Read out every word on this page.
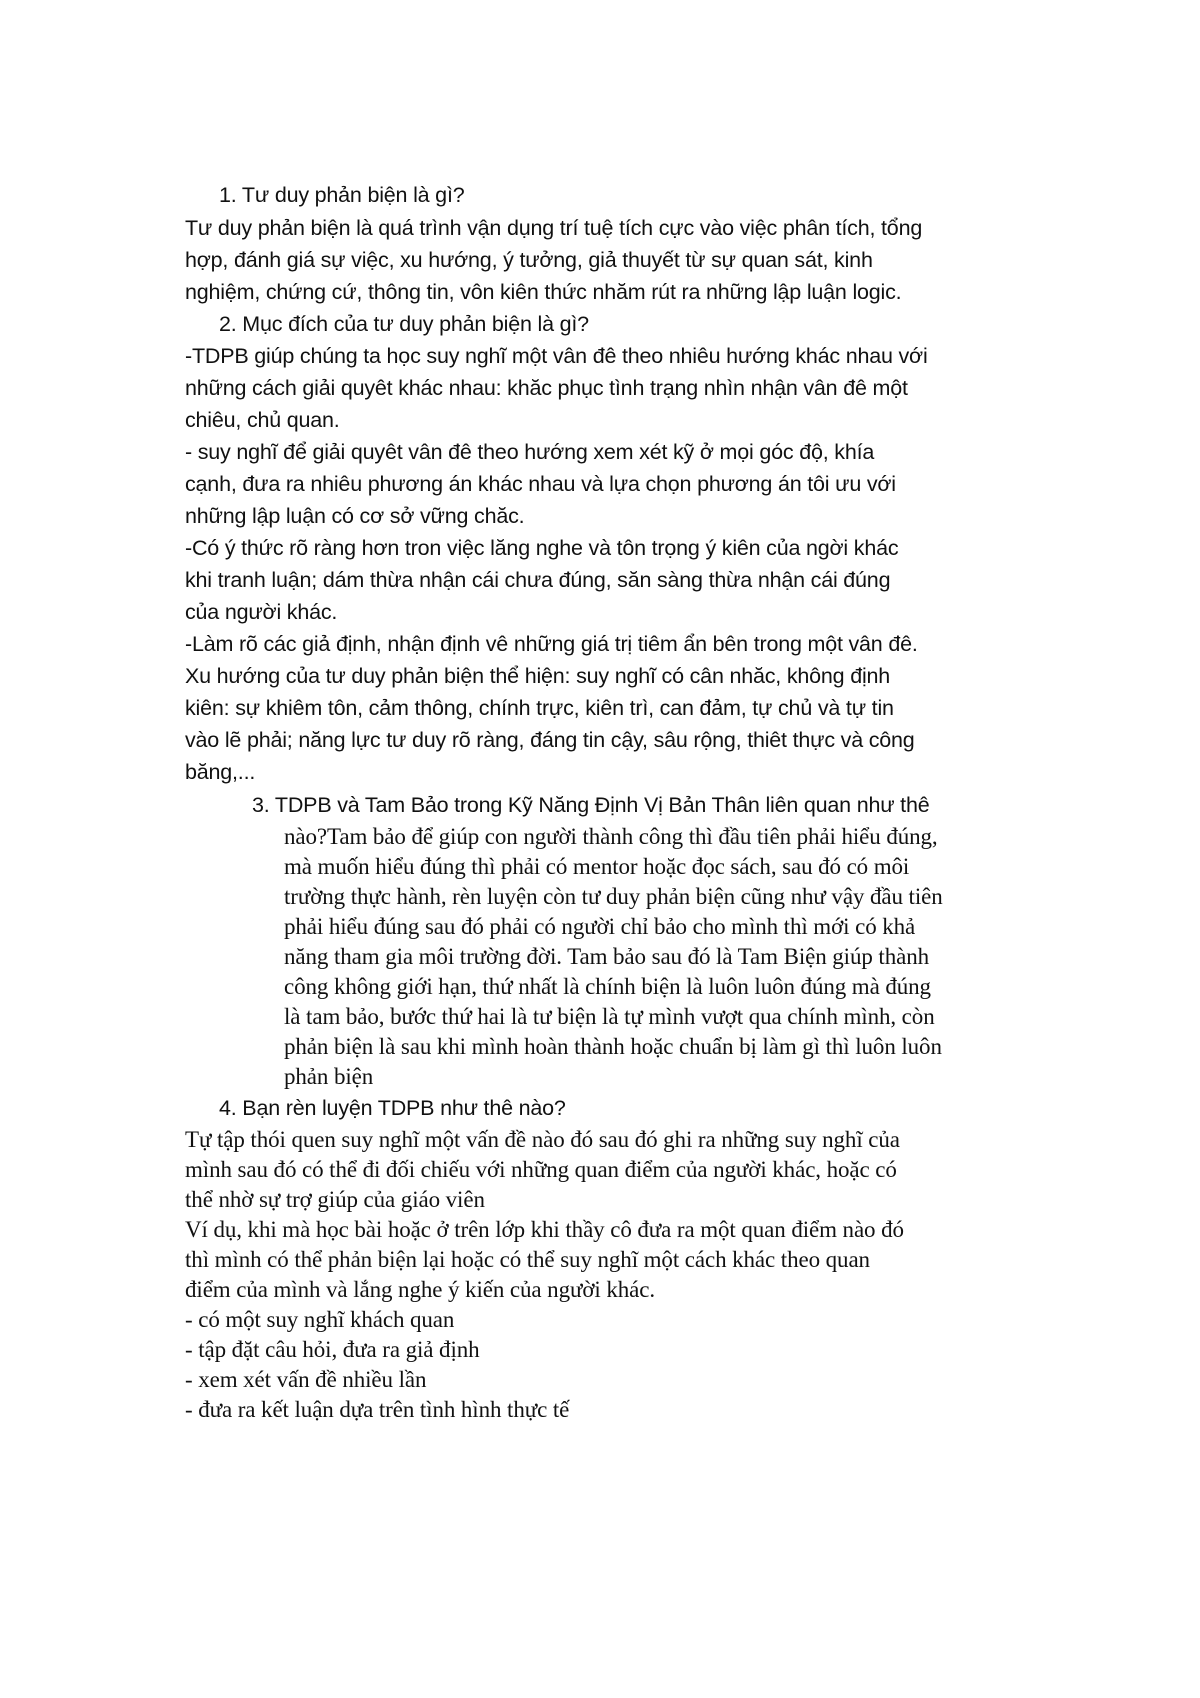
1. Tư duy phản biện là gì?

Tư duy phản biện là quá trình vận dụng trí tuệ tích cực vào việc phân tích, tổng

hợp, đánh giá sự việc, xu hướng, ý tưởng, giả thuyết từ sự quan sát, kinh

nghiệm, chứng cứ, thông tin, vôn kiên thức nhăm rút ra những lập luận logic.

2. Mục đích của tư duy phản biện là gì?

-TDPB giúp chúng ta học suy nghĩ một vân đê theo nhiêu hướng khác nhau với

những cách giải quyêt khác nhau: khăc phục tình trạng nhìn nhận vân đê một

chiêu, chủ quan.

- suy nghĩ để giải quyêt vân đê theo hướng xem xét kỹ ở mọi góc độ, khía

cạnh, đưa ra nhiêu phương án khác nhau và lựa chọn phương án tôi ưu với

những lập luận có cơ sở vững chăc.

-Có ý thức rõ ràng hơn tron việc lăng nghe và tôn trọng ý kiên của ngời khác

khi tranh luận; dám thừa nhận cái chưa đúng, săn sàng thừa nhận cái đúng

của người khác.

-Làm rõ các giả định, nhận định vê những giá trị tiêm ẩn bên trong một vân đê.

Xu hướng của tư duy phản biện thể hiện: suy nghĩ có cân nhăc, không định

kiên: sự khiêm tôn, cảm thông, chính trực, kiên trì, can đảm, tự chủ và tự tin

vào lẽ phải; năng lực tư duy rõ ràng, đáng tin cậy, sâu rộng, thiêt thực và công

băng,...

3. TDPB và Tam Bảo trong Kỹ Năng Định Vị Bản Thân liên quan như thê

nào?Tam bảo để giúp con người thành công thì đầu tiên phải hiểu đúng,

mà muốn hiểu đúng thì phải có mentor hoặc đọc sách, sau đó có môi

trường thực hành, rèn luyện còn tư duy phản biện cũng như vậy đầu tiên

phải hiểu đúng sau đó phải có người chỉ bảo cho mình thì mới có khả

năng tham gia môi trường đời. Tam bảo sau đó là Tam Biện giúp thành

công không giới hạn, thứ nhất là chính biện là luôn luôn đúng mà đúng

là tam bảo, bước thứ hai là tư biện là tự mình vượt qua chính mình, còn

phản biện là sau khi mình hoàn thành hoặc chuẩn bị làm gì thì luôn luôn

phản biện

4. Bạn rèn luyện TDPB như thê nào?

Tự tập thói quen suy nghĩ một vấn đề nào đó sau đó ghi ra những suy nghĩ của

mình sau đó có thể đi đối chiếu với những quan điểm của người khác, hoặc có

thể nhờ sự trợ giúp của giáo viên

Ví dụ, khi mà học bài hoặc ở trên lớp khi thầy cô đưa ra một quan điểm nào đó

thì mình có thể phản biện lại hoặc có thể suy nghĩ một cách khác theo quan

điểm của mình và lắng nghe ý kiến của người khác.

- có một suy nghĩ khách quan

- tập đặt câu hỏi, đưa ra giả định

- xem xét vấn đề nhiều lần

- đưa ra kết luận dựa trên tình hình thực tế
